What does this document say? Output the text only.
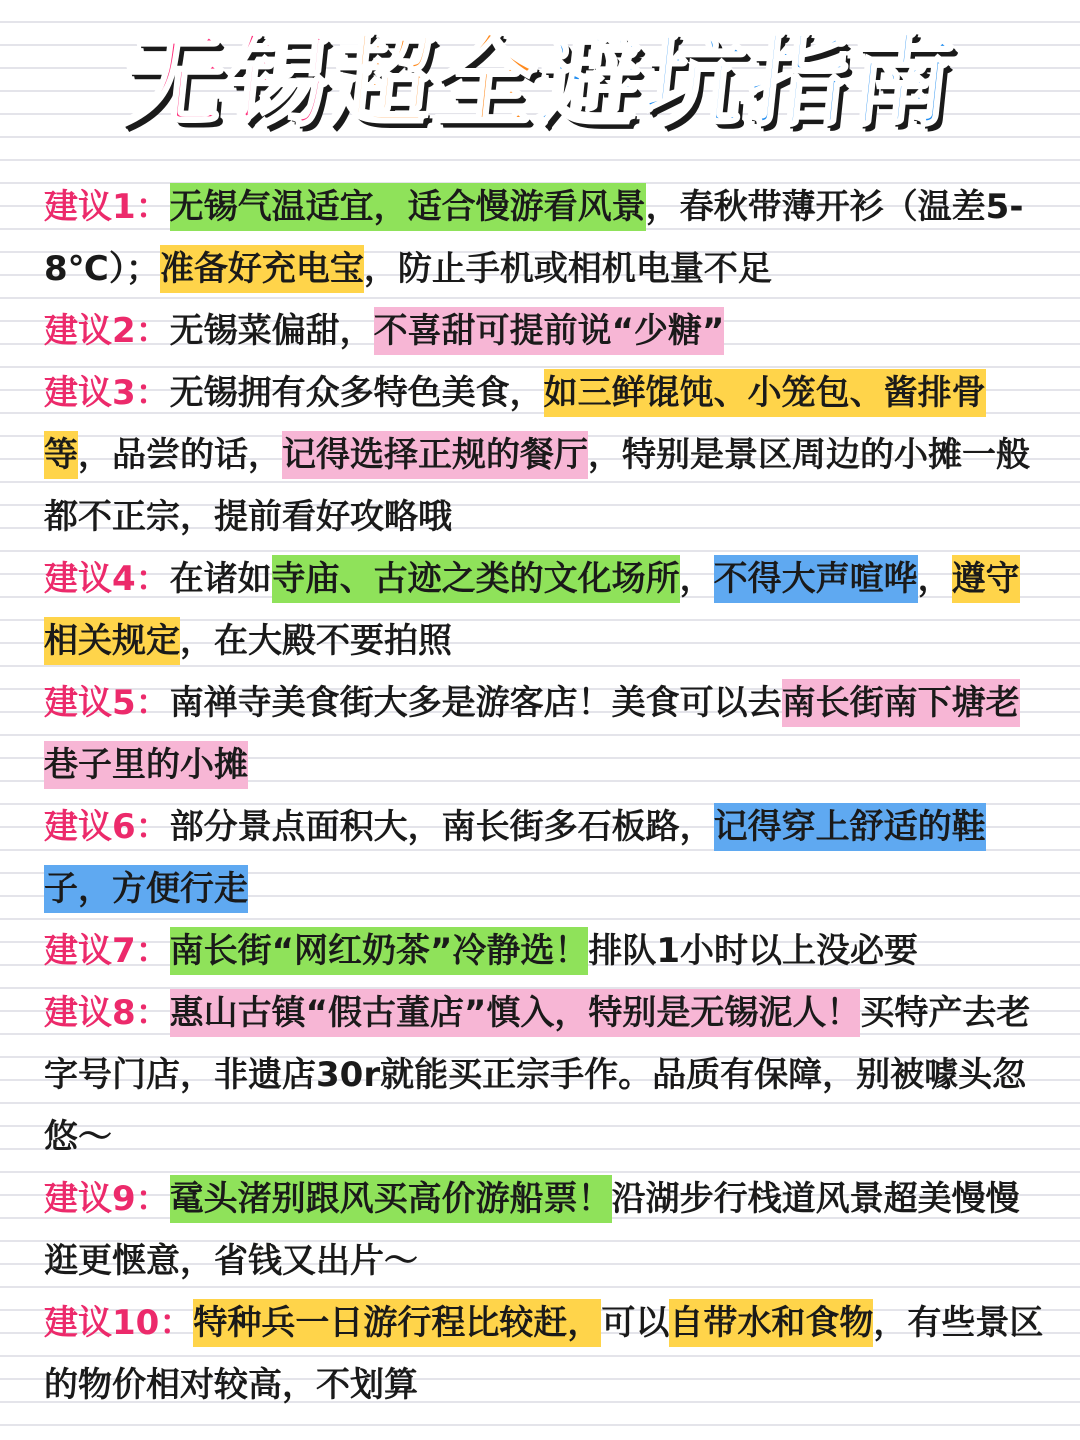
无锡超全避坑指南

建议1：无锡气温适宜，适合慢游看风景，春秋带薄开衫（温差5-8℃）；准备好充电宝，防止手机或相机电量不足

建议2：无锡菜偏甜，不喜甜可提前说“少糖”

建议3：无锡拥有众多特色美食，如三鲜馄饨、小笼包、酱排骨等，品尝的话，记得选择正规的餐厅，特别是景区周边的小摊一般都不正宗，提前看好攻略哦

建议4：在诸如寺庙、古迹之类的文化场所，不得大声喧哗，遵守相关规定，在大殿不要拍照

建议5：南禅寺美食街大多是游客店！美食可以去南长街南下塘老巷子里的小摊

建议6：部分景点面积大，南长街多石板路，记得穿上舒适的鞋子，方便行走

建议7：南长街“网红奶茶”冷静选！排队1小时以上没必要

建议8：惠山古镇“假古董店”慎入，特别是无锡泥人！买特产去老字号门店，非遗店30r就能买正宗手作。品质有保障，别被噱头忽悠～

建议9：鼋头渚别跟风买高价游船票！沿湖步行栈道风景超美慢慢逛更惬意，省钱又出片～

建议10：特种兵一日游行程比较赶，可以自带水和食物，有些景区的物价相对较高，不划算
